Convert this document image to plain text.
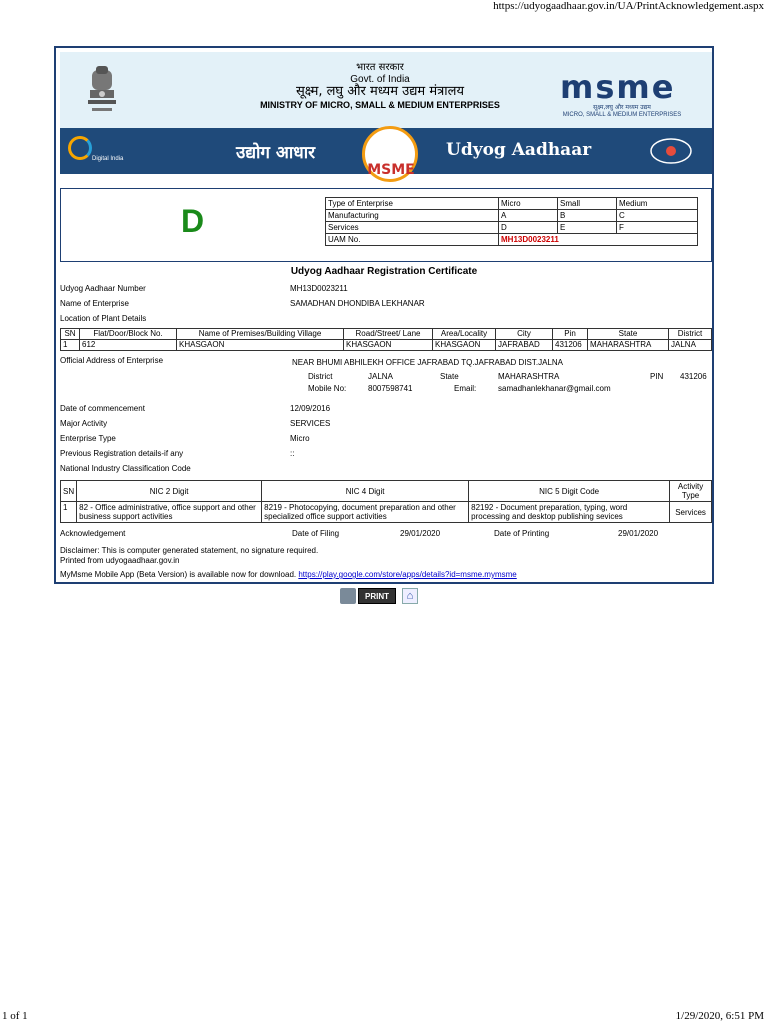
https://udyogaadhaar.gov.in/UA/PrintAcknowledgement.aspx
भारत सरकार
Govt. of India
सूक्ष्म, लघु और मध्यम उद्यम मंत्रालय
MINISTRY OF MICRO, SMALL & MEDIUM ENTERPRISES msme
सूक्ष्म,लघु और मध्यम उद्यम
MICRO, SMALL & MEDIUM ENTERPRISES
Digital India	उद्योग आधार
MSME
Udyog Aadhaar
D	Type of Enterprise	Micro	Small	Medium
Manufacturing	A	B	C
Services	D	E	F
UAM No.	MH13D0023211		
Udyog Aadhaar Registration Certificate
Udyog Aadhaar Number	MH13D0023211
Name of Enterprise	SAMADHAN DHONDIBA LEKHANAR
Location of Plant Details
SN	Flat/Door/Block No.	Name of Premises/Building Village	Road/Street/ Lane	Area/Locality	City	Pin	State	District
1	612	KHASGAON	KHASGAON	KHASGAON	JAFRABAD	431206	MAHARASHTRA	JALNA
Official Address of Enterprise	NEAR BHUMI ABHILEKH OFFICE JAFRABAD TQ.JAFRABAD DIST.JALNA
District	JALNA	State	MAHARASHTRA	PIN 431206
Mobile No:	8007598741	Email:	samadhanlekhanar@gmail.com
Date of commencement	12/09/2016
Major Activity	SERVICES
Enterprise Type	Micro
Previous Registration details-if any	::
National Industry Classification Code
SN	NIC 2 Digit	NIC 4 Digit	NIC 5 Digit Code	Activity Type
1	82 - Office administrative, office support and other business support activities	8219 - Photocopying, document preparation and other specialized office support activities	82192 - Document preparation, typing, word processing and desktop publishing sevices	Services
Acknowledgement	Date of Filing	29/01/2020	Date of Printing	29/01/2020
Disclaimer: This is computer generated statement, no signature required.
Printed from udyogaadhaar.gov.in
MyMsme Mobile App (Beta Version) is available now for download. https://play.google.com/store/apps/details?id=msme.mymsme
PRINT	⌂
1 of 1	1/29/2020, 6:51 PM
